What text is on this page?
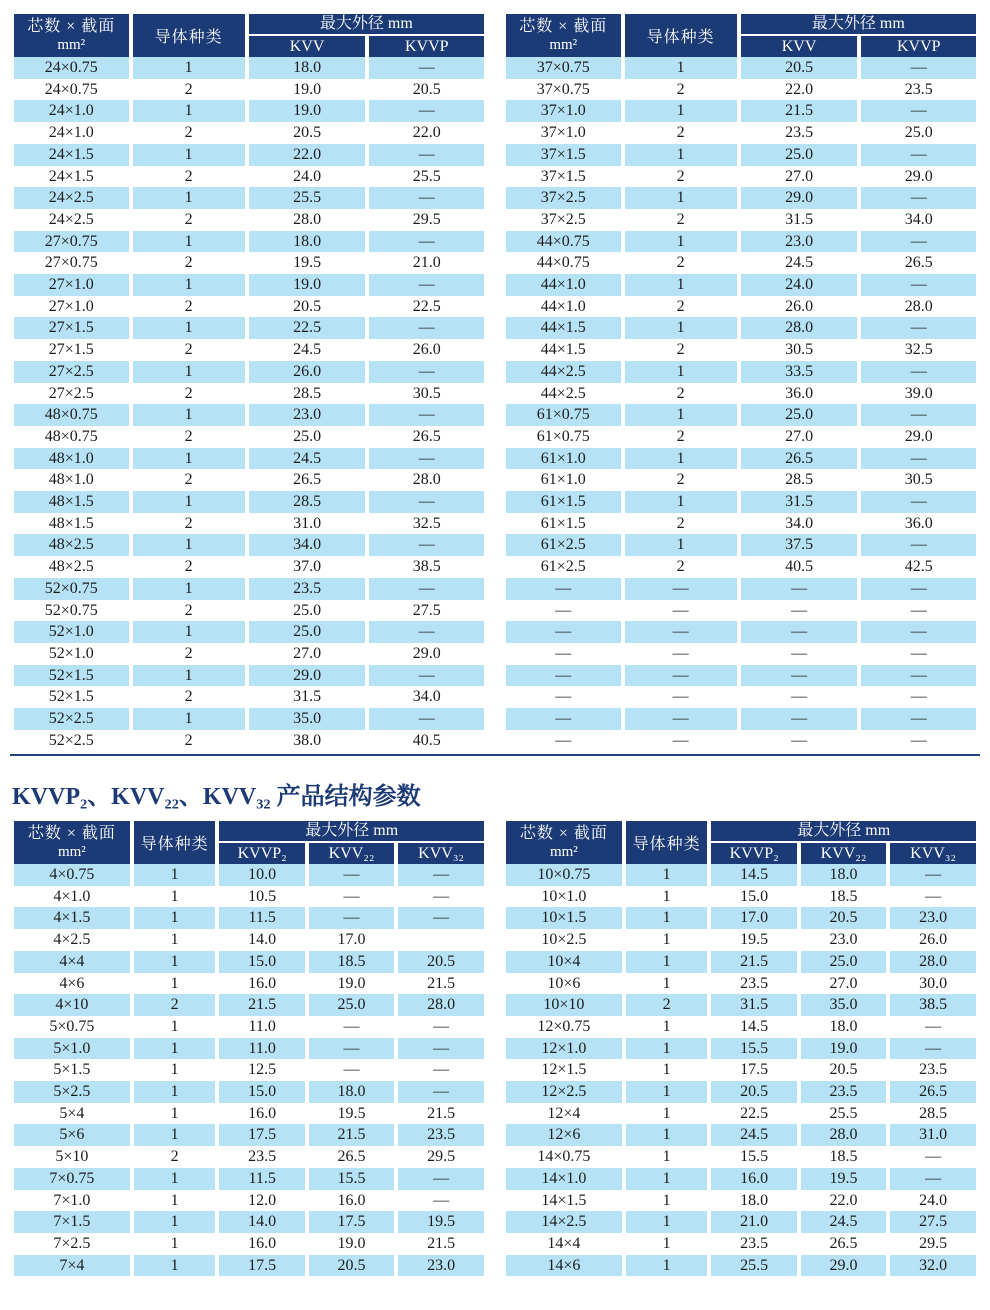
芯数 × 截面
mm²	导体种类	最大外径 mm	
		KVV	KVVP
24×0.75	1	18.0	—
24×0.75	2	19.0	20.5
24×1.0	1	19.0	—
24×1.0	2	20.5	22.0
24×1.5	1	22.0	—
24×1.5	2	24.0	25.5
24×2.5	1	25.5	—
24×2.5	2	28.0	29.5
27×0.75	1	18.0	—
27×0.75	2	19.5	21.0
27×1.0	1	19.0	—
27×1.0	2	20.5	22.5
27×1.5	1	22.5	—
27×1.5	2	24.5	26.0
27×2.5	1	26.0	—
27×2.5	2	28.5	30.5
48×0.75	1	23.0	—
48×0.75	2	25.0	26.5
48×1.0	1	24.5	—
48×1.0	2	26.5	28.0
48×1.5	1	28.5	—
48×1.5	2	31.0	32.5
48×2.5	1	34.0	—
48×2.5	2	37.0	38.5
52×0.75	1	23.5	—
52×0.75	2	25.0	27.5
52×1.0	1	25.0	—
52×1.0	2	27.0	29.0
52×1.5	1	29.0	—
52×1.5	2	31.5	34.0
52×2.5	1	35.0	—
52×2.5	2	38.0	40.5
芯数 × 截面
mm²	导体种类	最大外径 mm	
		KVV	KVVP
37×0.75	1	20.5	—
37×0.75	2	22.0	23.5
37×1.0	1	21.5	—
37×1.0	2	23.5	25.0
37×1.5	1	25.0	—
37×1.5	2	27.0	29.0
37×2.5	1	29.0	—
37×2.5	2	31.5	34.0
44×0.75	1	23.0	—
44×0.75	2	24.5	26.5
44×1.0	1	24.0	—
44×1.0	2	26.0	28.0
44×1.5	1	28.0	—
44×1.5	2	30.5	32.5
44×2.5	1	33.5	—
44×2.5	2	36.0	39.0
61×0.75	1	25.0	—
61×0.75	2	27.0	29.0
61×1.0	1	26.5	—
61×1.0	2	28.5	30.5
61×1.5	1	31.5	—
61×1.5	2	34.0	36.0
61×2.5	1	37.5	—
61×2.5	2	40.5	42.5
—	—	—	—
—	—	—	—
—	—	—	—
—	—	—	—
—	—	—	—
—	—	—	—
—	—	—	—
—	—	—	—
KVVP₂、KVV₂₂、KVV₃₂ 产品结构参数
芯数 × 截面
mm²	导体种类	最大外径 mm		
		KVVP₂	KVV₂₂	KVV₃₂
4×0.75	1	10.0	—	—
4×1.0	1	10.5	—	—
4×1.5	1	11.5	—	—
4×2.5	1	14.0	17.0	
4×4	1	15.0	18.5	20.5
4×6	1	16.0	19.0	21.5
4×10	2	21.5	25.0	28.0
5×0.75	1	11.0	—	—
5×1.0	1	11.0	—	—
5×1.5	1	12.5	—	—
5×2.5	1	15.0	18.0	—
5×4	1	16.0	19.5	21.5
5×6	1	17.5	21.5	23.5
5×10	2	23.5	26.5	29.5
7×0.75	1	11.5	15.5	—
7×1.0	1	12.0	16.0	—
7×1.5	1	14.0	17.5	19.5
7×2.5	1	16.0	19.0	21.5
7×4	1	17.5	20.5	23.0
芯数 × 截面
mm²	导体种类	最大外径 mm		
		KVVP₂	KVV₂₂	KVV₃₂
10×0.75	1	14.5	18.0	—
10×1.0	1	15.0	18.5	—
10×1.5	1	17.0	20.5	23.0
10×2.5	1	19.5	23.0	26.0
10×4	1	21.5	25.0	28.0
10×6	1	23.5	27.0	30.0
10×10	2	31.5	35.0	38.5
12×0.75	1	14.5	18.0	—
12×1.0	1	15.5	19.0	—
12×1.5	1	17.5	20.5	23.5
12×2.5	1	20.5	23.5	26.5
12×4	1	22.5	25.5	28.5
12×6	1	24.5	28.0	31.0
14×0.75	1	15.5	18.5	—
14×1.0	1	16.0	19.5	—
14×1.5	1	18.0	22.0	24.0
14×2.5	1	21.0	24.5	27.5
14×4	1	23.5	26.5	29.5
14×6	1	25.5	29.0	32.0
